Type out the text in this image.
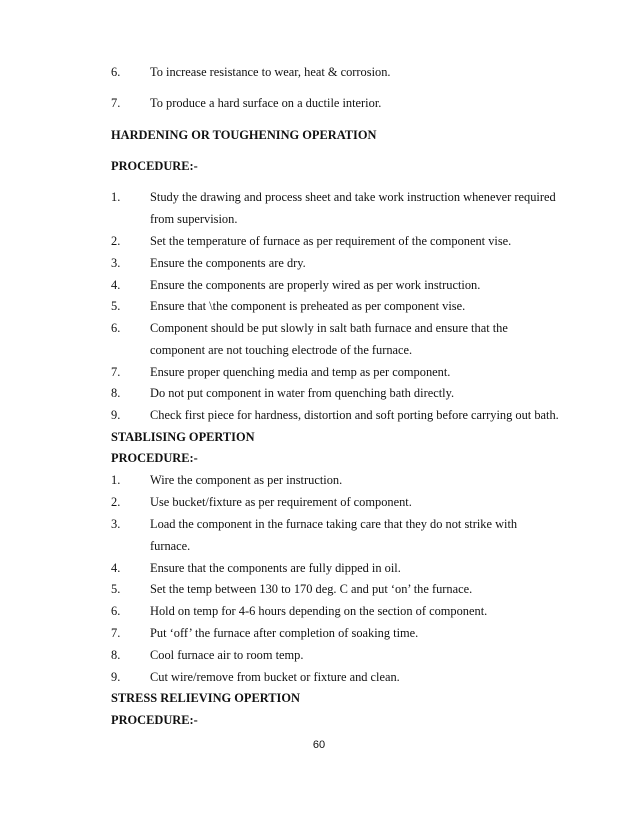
6. To increase resistance to wear, heat & corrosion.
7. To produce a hard surface on a ductile interior.
HARDENING OR TOUGHENING OPERATION
PROCEDURE:-
1. Study the drawing and process sheet and take work instruction whenever required
from supervision.
2. Set the temperature of furnace as per requirement of the component vise.
3. Ensure the components are dry.
4. Ensure the components are properly wired as per work instruction.
5. Ensure that \the component is preheated as per component vise.
6. Component should be put slowly in salt bath furnace and ensure that the
component are not touching electrode of the furnace.
7. Ensure proper quenching media and temp as per component.
8. Do not put component in water from quenching bath directly.
9. Check first piece for hardness, distortion and soft porting before carrying out bath.
STABLISING OPERTION
PROCEDURE:-
1. Wire the component as per instruction.
2. Use bucket/fixture as per requirement of component.
3. Load the component in the furnace taking care that they do not strike with
furnace.
4. Ensure that the components are fully dipped in oil.
5. Set the temp between 130 to 170 deg. C and put ‘on’ the furnace.
6. Hold on temp for 4-6 hours depending on the section of component.
7. Put ‘off’ the furnace after completion of soaking time.
8. Cool furnace air to room temp.
9. Cut wire/remove from bucket or fixture and clean.
STRESS RELIEVING OPERTION
PROCEDURE:-
60
